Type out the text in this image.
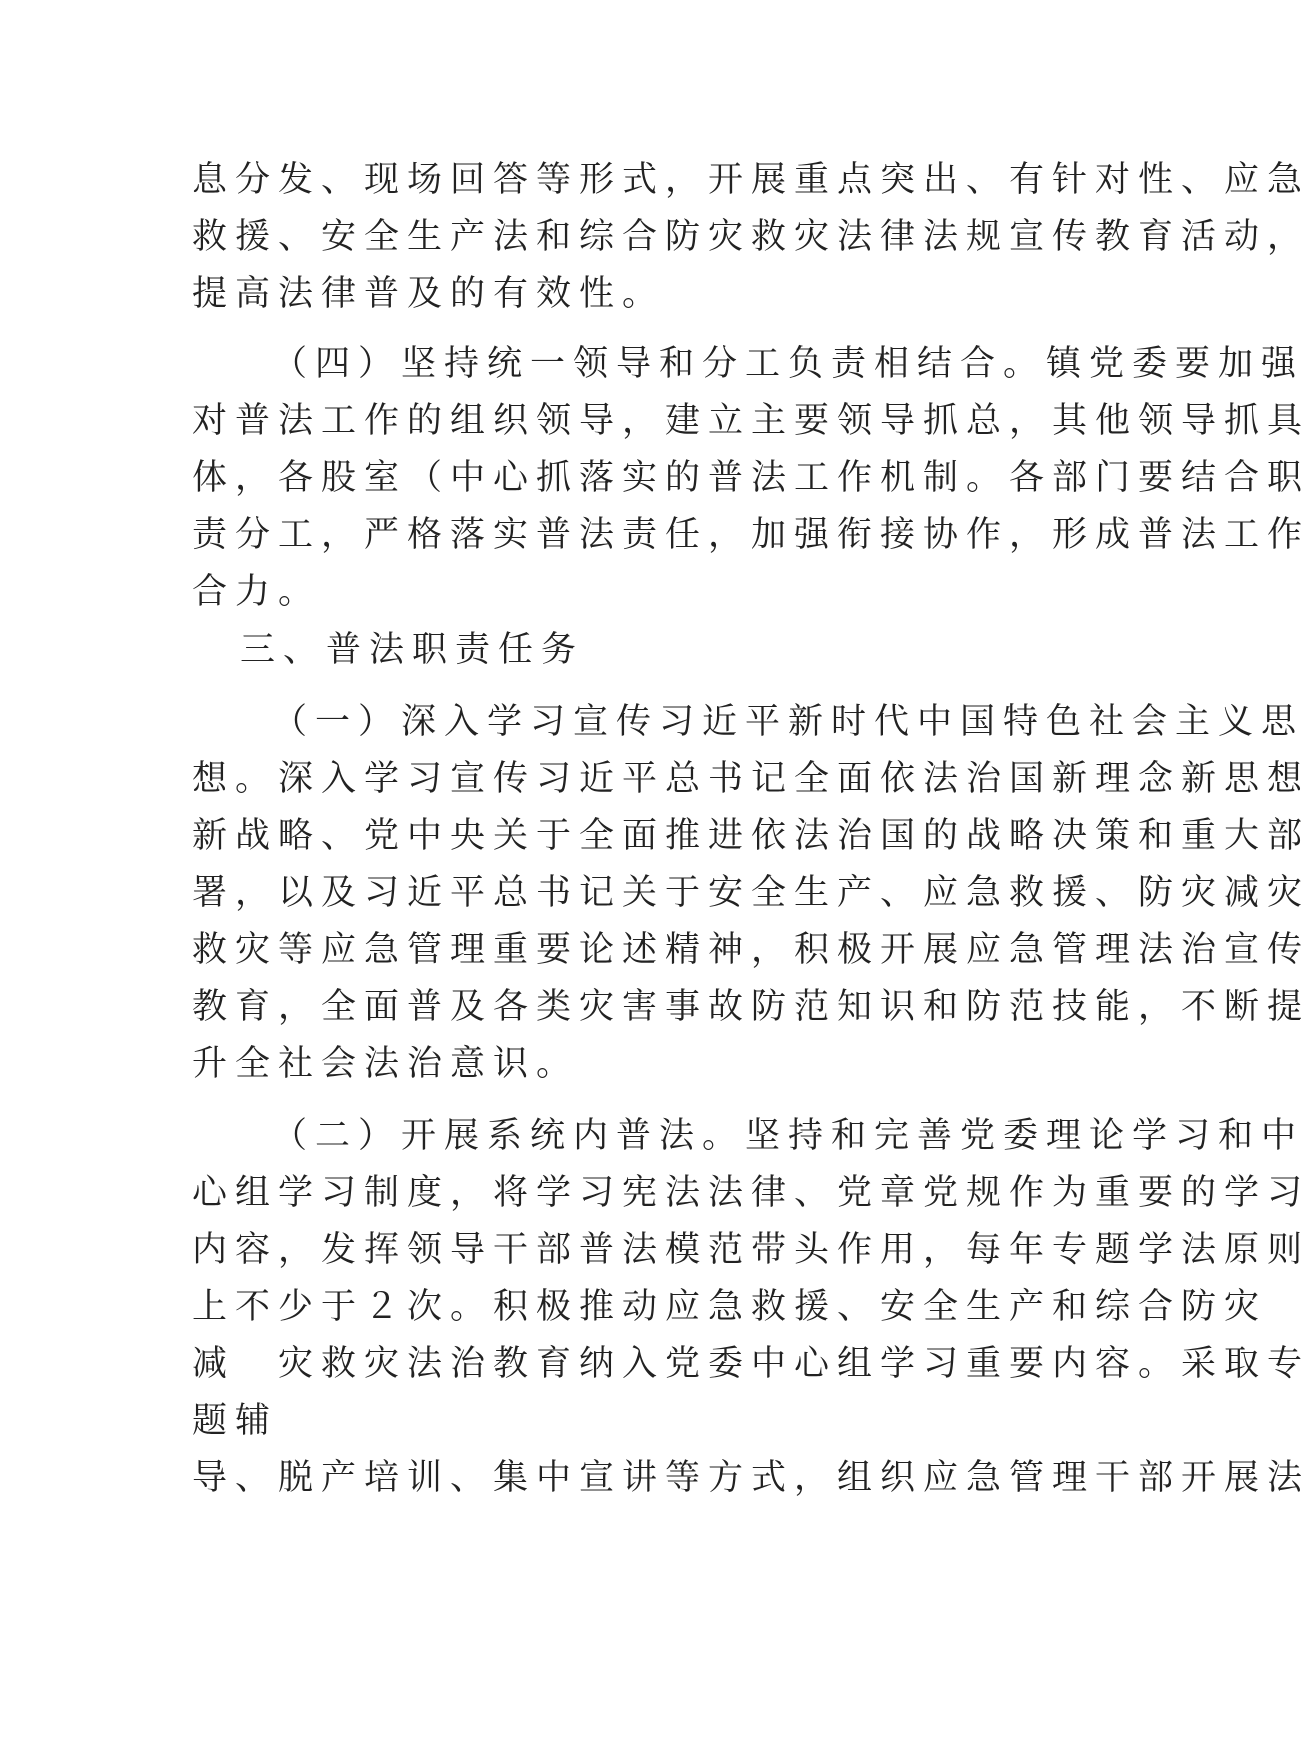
息分发、现场回答等形式，开展重点突出、有针对性、应急

救援、安全生产法和综合防灾救灾法律法规宣传教育活动，

提高法律普及的有效性。

（四）坚持统一领导和分工负责相结合。镇党委要加强

对普法工作的组织领导，建立主要领导抓总，其他领导抓具

体，各股室（中心抓落实的普法工作机制。各部门要结合职

责分工，严格落实普法责任，加强衔接协作，形成普法工作

合力。

三、普法职责任务

（一）深入学习宣传习近平新时代中国特色社会主义思

想。深入学习宣传习近平总书记全面依法治国新理念新思想

新战略、党中央关于全面推进依法治国的战略决策和重大部

署，以及习近平总书记关于安全生产、应急救援、防灾减灾

救灾等应急管理重要论述精神，积极开展应急管理法治宣传

教育，全面普及各类灾害事故防范知识和防范技能，不断提

升全社会法治意识。

（二）开展系统内普法。坚持和完善党委理论学习和中

心组学习制度，将学习宪法法律、党章党规作为重要的学习

内容，发挥领导干部普法模范带头作用，每年专题学法原则

上不少于２次。积极推动应急救援、安全生产和综合防灾

减　灾救灾法治教育纳入党委中心组学习重要内容。采取专

题辅

导、脱产培训、集中宣讲等方式，组织应急管理干部开展法
